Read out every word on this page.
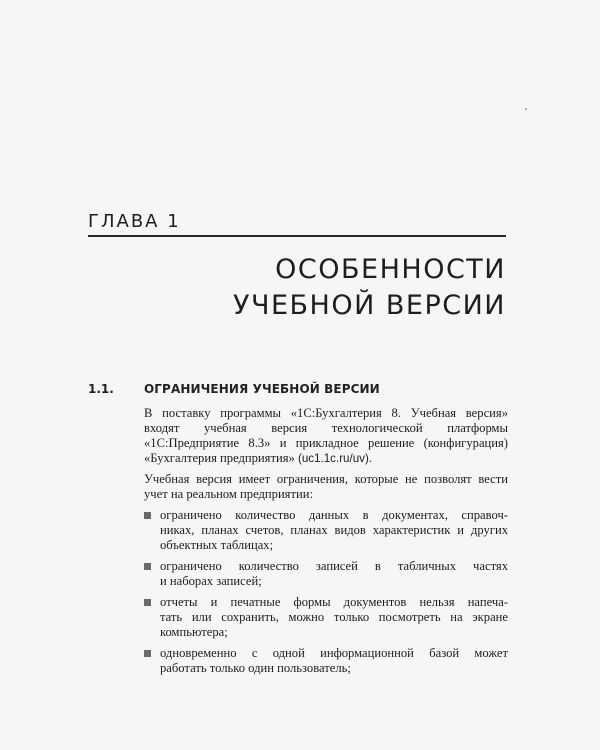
ГЛАВА 1
ОСОБЕННОСТИ
УЧЕБНОЙ ВЕРСИИ
1.1.	ОГРАНИЧЕНИЯ УЧЕБНОЙ ВЕРСИИ

В поставку программы «1С:Бухгалтерия 8. Учебная версия»
входят учебная версия технологической платформы
«1С:Предприятие 8.3» и прикладное решение (конфигурация)
«Бухгалтерия предприятия» (uc1.1c.ru/uv).

Учебная версия имеет ограничения, которые не позволят вести
учет на реальном предприятии:

ограничено количество данных в документах, справоч-
никах, планах счетов, планах видов характеристик и других
объектных таблицах;
ограничено количество записей в табличных частях
и наборах записей;
отчеты и печатные формы документов нельзя напеча-
тать или сохранить, можно только посмотреть на экране
компьютера;
одновременно с одной информационной базой может
работать только один пользователь;
